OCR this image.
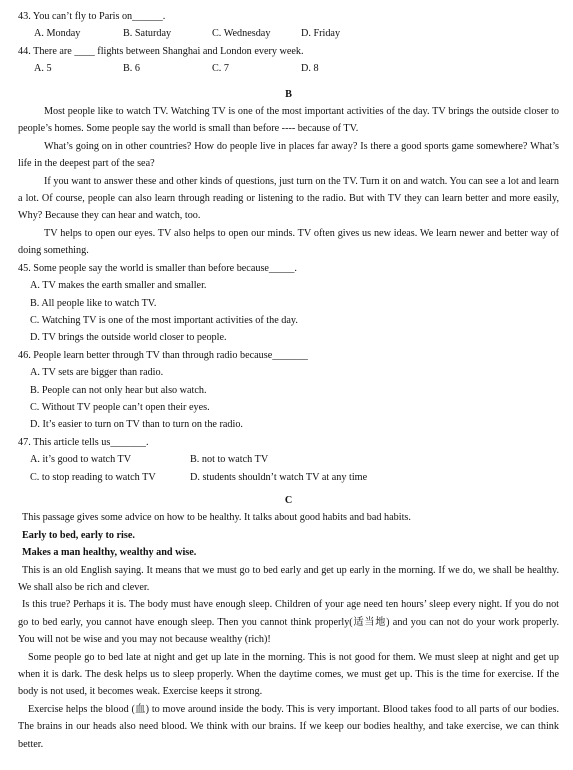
43. You can’t fly to Paris on______.
A. Monday	B. Saturday	C. Wednesday	D. Friday
44. There are ____ flights between Shanghai and London every week.
A. 5	B. 6	C. 7	D. 8
B
Most people like to watch TV. Watching TV is one of the most important activities of the day. TV brings the outside closer to people’s homes. Some people say the world is small than before ---- because of TV.
What’s going on in other countries? How do people live in places far away? Is there a good sports game somewhere? What’s life in the deepest part of the sea?
If you want to answer these and other kinds of questions, just turn on the TV. Turn it on and watch. You can see a lot and learn a lot. Of course, people can also learn through reading or listening to the radio. But with TV they can learn better and more easily, Why? Because they can hear and watch, too.
TV helps to open our eyes. TV also helps to open our minds. TV often gives us new ideas. We learn newer and better way of doing something.
45. Some people say the world is smaller than before because_____.
A. TV makes the earth smaller and smaller.
B. All people like to watch TV.
C. Watching TV is one of the most important activities of the day.
D. TV brings the outside world closer to people.
46. People learn better through TV than through radio because_______
A. TV sets are bigger than radio.
B. People can not only hear but also watch.
C. Without TV people can’t open their eyes.
D. It’s easier to turn on TV than to turn on the radio.
47. This article tells us_______.
A. it’s good to watch TV	B. not to watch TV
C. to stop reading to watch TV	D. students shouldn’t watch TV at any time
C
This passage gives some advice on how to be healthy. It talks about good habits and bad habits.
Early to bed, early to rise.
Makes a man healthy, wealthy and wise.
This is an old English saying. It means that we must go to bed early and get up early in the morning. If we do, we shall be healthy. We shall also be rich and clever.
Is this true? Perhaps it is. The body must have enough sleep. Children of your age need ten hours’ sleep every night. If you do not go to bed early, you cannot have enough sleep. Then you cannot think properly(适当地) and you can not do your work properly. You will not be wise and you may not because wealthy (rich)!
Some people go to bed late at night and get up late in the morning. This is not good for them. We must sleep at night and get up when it is dark. The desk helps us to sleep properly. When the daytime comes, we must get up. This is the time for exercise. If the body is not used, it becomes weak. Exercise keeps it strong.
Exercise helps the blood (血) to move around inside the body. This is very important. Blood takes food to all parts of our bodies. The brains in our heads also need blood. We think with our brains. If we keep our bodies healthy, and take exercise, we can think better.
